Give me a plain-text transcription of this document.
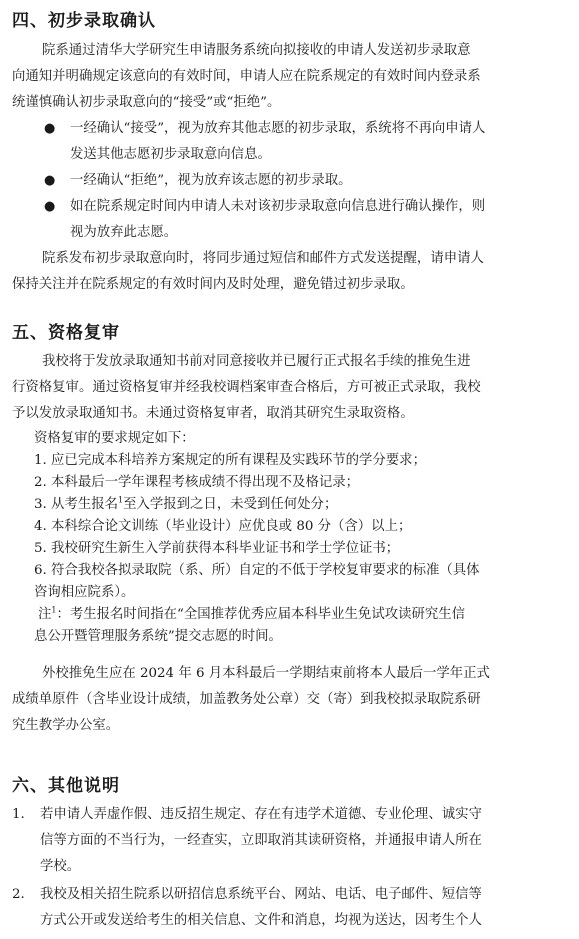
四、初步录取确认
院系通过清华大学研究生申请服务系统向拟接收的申请人发送初步录取意
向通知并明确规定该意向的有效时间，申请人应在院系规定的有效时间内登录系
统谨慎确认初步录取意向的“接受”或“拒绝”。
● 一经确认“接受”，视为放弃其他志愿的初步录取，系统将不再向申请人
发送其他志愿初步录取意向信息。
● 一经确认“拒绝”，视为放弃该志愿的初步录取。
● 如在院系规定时间内申请人未对该初步录取意向信息进行确认操作，则
视为放弃此志愿。
院系发布初步录取意向时，将同步通过短信和邮件方式发送提醒，请申请人
保持关注并在院系规定的有效时间内及时处理，避免错过初步录取。
五、资格复审
我校将于发放录取通知书前对同意接收并已履行正式报名手续的推免生进
行资格复审。通过资格复审并经我校调档案审查合格后，方可被正式录取，我校
予以发放录取通知书。未通过资格复审者，取消其研究生录取资格。
资格复审的要求规定如下：
1. 应已完成本科培养方案规定的所有课程及实践环节的学分要求；
2. 本科最后一学年课程考核成绩不得出现不及格记录；
3. 从考生报名$^1$至入学报到之日，未受到任何处分；
4. 本科综合论文训练（毕业设计）应优良或 80 分（含）以上；
5. 我校研究生新生入学前获得本科毕业证书和学士学位证书；
6. 符合我校各拟录取院（系、所）自定的不低于学校复审要求的标准（具体
咨询相应院系）。
注$^1$：考生报名时间指在“全国推荐优秀应届本科毕业生免试攻读研究生信
息公开暨管理服务系统”提交志愿的时间。
外校推免生应在 2024 年 6 月本科最后一学期结束前将本人最后一学年正式
成绩单原件（含毕业设计成绩，加盖教务处公章）交（寄）到我校拟录取院系研
究生教学办公室。
六、其他说明
1. 若申请人弄虚作假、违反招生规定、存在有违学术道德、专业伦理、诚实守
信等方面的不当行为，一经查实，立即取消其读研资格，并通报申请人所在
学校。
2. 我校及相关招生院系以研招信息系统平台、网站、电话、电子邮件、短信等
方式公开或发送给考生的相关信息、文件和消息，均视为送达，因考生个人
